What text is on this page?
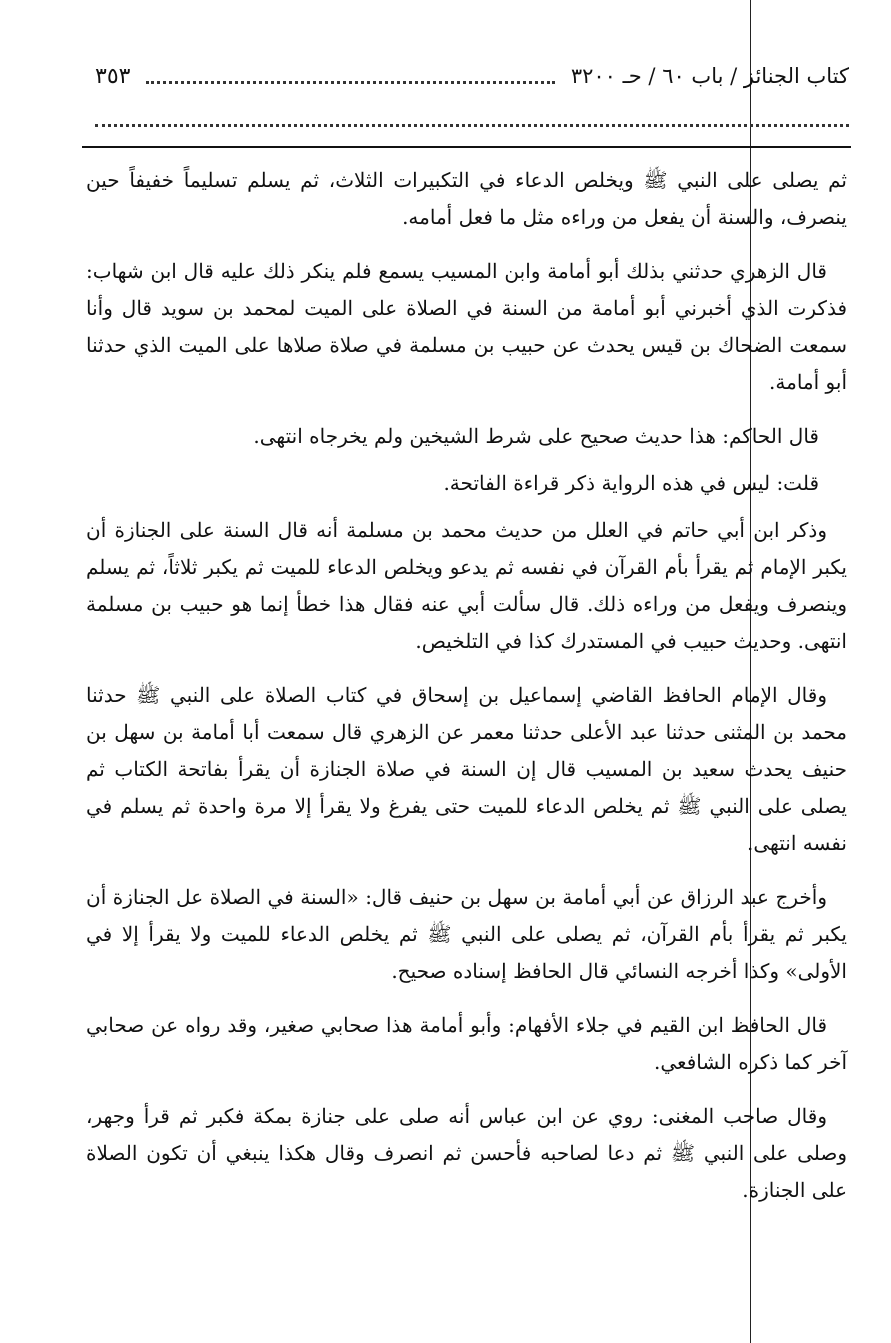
كتاب الجنائز / باب ٦٠ / حـ ٣٢٠٠
٣٥٣

ثم يصلى على النبي ﷺ ويخلص الدعاء في التكبيرات الثلاث، ثم يسلم تسليماً خفيفاً حين ينصرف، والسنة أن يفعل من وراءه مثل ما فعل أمامه.

قال الزهري حدثني بذلك أبو أمامة وابن المسيب يسمع فلم ينكر ذلك عليه قال ابن شهاب: فذكرت الذي أخبرني أبو أمامة من السنة في الصلاة على الميت لمحمد بن سويد قال وأنا سمعت الضحاك بن قيس يحدث عن حبيب بن مسلمة في صلاة صلاها على الميت الذي حدثنا أبو أمامة.

قال الحاكم: هذا حديث صحيح على شرط الشيخين ولم يخرجاه انتهى.

قلت: ليس في هذه الرواية ذكر قراءة الفاتحة.

وذكر ابن أبي حاتم في العلل من حديث محمد بن مسلمة أنه قال السنة على الجنازة أن يكبر الإمام ثم يقرأ بأم القرآن في نفسه ثم يدعو ويخلص الدعاء للميت ثم يكبر ثلاثاً، ثم يسلم وينصرف ويفعل من وراءه ذلك. قال سألت أبي عنه فقال هذا خطأ إنما هو حبيب بن مسلمة انتهى. وحديث حبيب في المستدرك كذا في التلخيص.

وقال الإمام الحافظ القاضي إسماعيل بن إسحاق في كتاب الصلاة على النبي ﷺ حدثنا محمد بن المثنى حدثنا عبد الأعلى حدثنا معمر عن الزهري قال سمعت أبا أمامة بن سهل بن حنيف يحدث سعيد بن المسيب قال إن السنة في صلاة الجنازة أن يقرأ بفاتحة الكتاب ثم يصلى على النبي ﷺ ثم يخلص الدعاء للميت حتى يفرغ ولا يقرأ إلا مرة واحدة ثم يسلم في نفسه انتهى.

وأخرج عبد الرزاق عن أبي أمامة بن سهل بن حنيف قال: «السنة في الصلاة عل الجنازة أن يكبر ثم يقرأ بأم القرآن، ثم يصلى على النبي ﷺ ثم يخلص الدعاء للميت ولا يقرأ إلا في الأولى» وكذا أخرجه النسائي قال الحافظ إسناده صحيح.

قال الحافظ ابن القيم في جلاء الأفهام: وأبو أمامة هذا صحابي صغير، وقد رواه عن صحابي آخر كما ذكره الشافعي.

وقال صاحب المغنى: روي عن ابن عباس أنه صلى على جنازة بمكة فكبر ثم قرأ وجهر، وصلى على النبي ﷺ ثم دعا لصاحبه فأحسن ثم انصرف وقال هكذا ينبغي أن تكون الصلاة على الجنازة.
